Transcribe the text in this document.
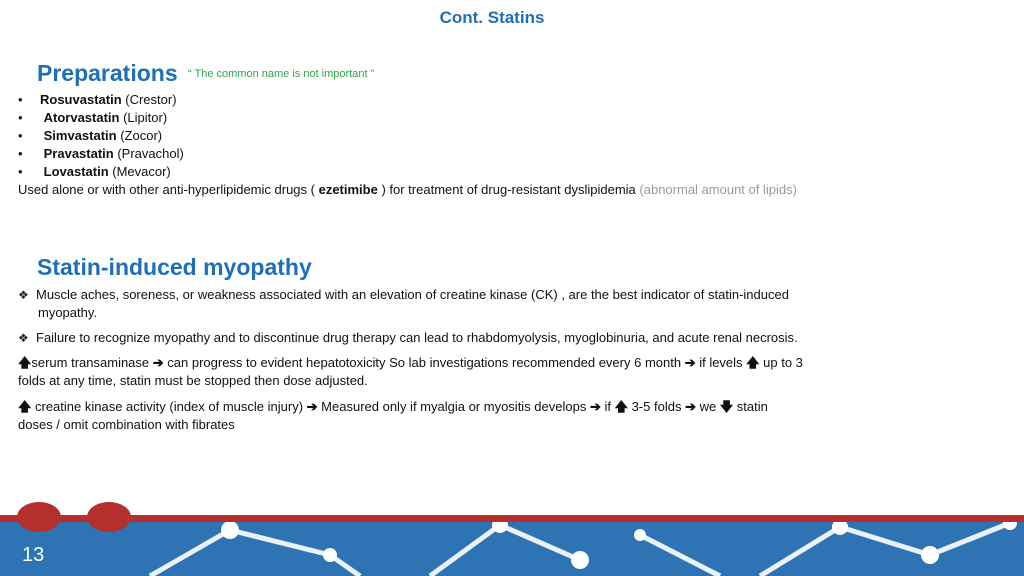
Cont. Statins
Preparations “ The common name is not important ”
• Rosuvastatin (Crestor)
• Atorvastatin (Lipitor)
• Simvastatin (Zocor)
• Pravastatin (Pravachol)
• Lovastatin (Mevacor)
Used alone or with other anti-hyperlipidemic drugs ( ezetimibe ) for treatment of drug-resistant dyslipidemia (abnormal amount of lipids)
Statin-induced myopathy
❖ Muscle aches, soreness, or weakness associated with an elevation of creatine kinase (CK) , are the best indicator of statin-induced
myopathy.
❖ Failure to recognize myopathy and to discontinue drug therapy can lead to rhabdomyolysis, myoglobinuria, and acute renal necrosis.
🡅serum transaminase ➔ can progress to evident hepatotoxicity So lab investigations recommended every 6 month ➔ if levels 🡅 up to 3
folds at any time, statin must be stopped then dose adjusted.
🡅 creatine kinase activity (index of muscle injury) ➔ Measured only if myalgia or myositis develops ➔ if 🡅 3-5 folds ➔ we 🡇 statin
doses / omit combination with fibrates
13
